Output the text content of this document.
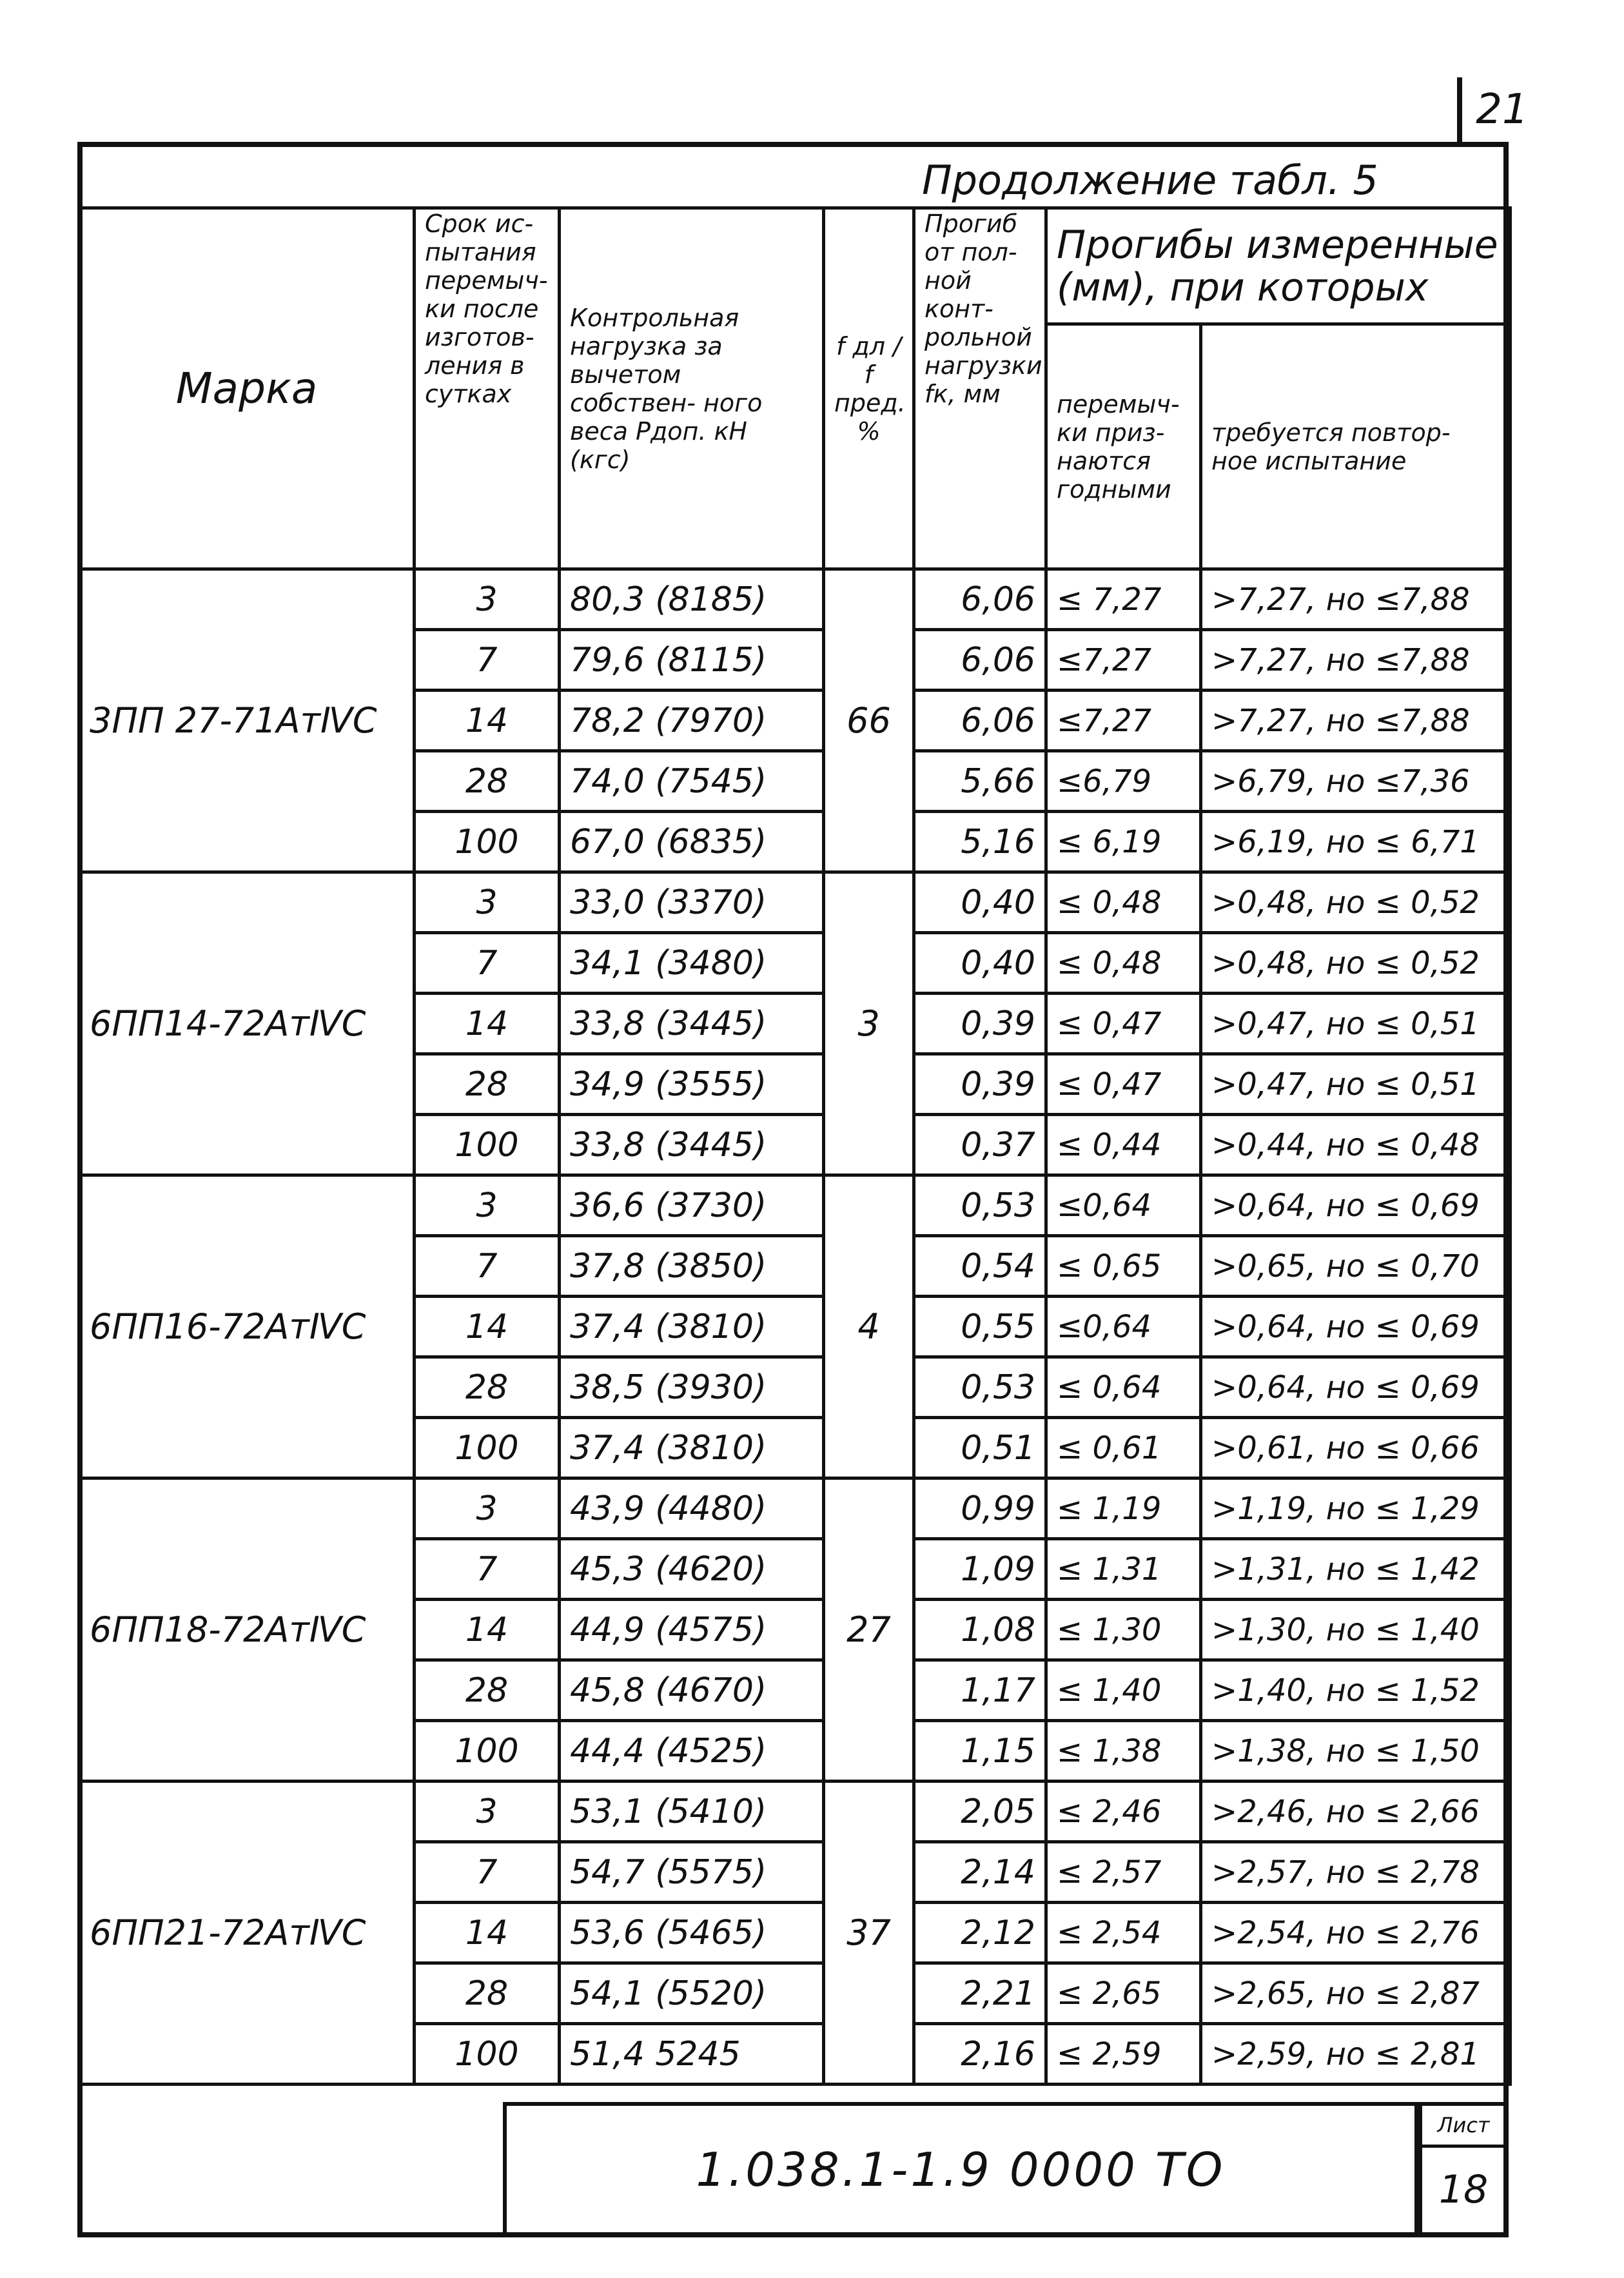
21
Продолжение табл. 5
Марка	Срок ис- пытания перемыч- ки после изготов- ления в сутках	Контрольная нагрузка за вычетом собствен- ного веса Рдоп. кН (кгс)	f дл / f пред. %	Прогиб от пол- ной конт- рольной нагрузки fк, мм	Прогибы измеренные (мм), при которых	
					перемыч- ки приз- наются годными	требуется повтор- ное испытание
3ПП 27-71АтⅣС	3	80,3 (8185)	66	6,06	≤ 7,27	>7,27, но ≤7,88
	7	79,6 (8115)		6,06	≤7,27	>7,27, но ≤7,88
	14	78,2 (7970)		6,06	≤7,27	>7,27, но ≤7,88
	28	74,0 (7545)		5,66	≤6,79	>6,79, но ≤7,36
	100	67,0 (6835)		5,16	≤ 6,19	>6,19, но ≤ 6,71
6ПП14-72АтⅣС	3	33,0 (3370)	3	0,40	≤ 0,48	>0,48, но ≤ 0,52
	7	34,1 (3480)		0,40	≤ 0,48	>0,48, но ≤ 0,52
	14	33,8 (3445)		0,39	≤ 0,47	>0,47, но ≤ 0,51
	28	34,9 (3555)		0,39	≤ 0,47	>0,47, но ≤ 0,51
	100	33,8 (3445)		0,37	≤ 0,44	>0,44, но ≤ 0,48
6ПП16-72АтⅣС	3	36,6 (3730)	4	0,53	≤0,64	>0,64, но ≤ 0,69
	7	37,8 (3850)		0,54	≤ 0,65	>0,65, но ≤ 0,70
	14	37,4 (3810)		0,55	≤0,64	>0,64, но ≤ 0,69
	28	38,5 (3930)		0,53	≤ 0,64	>0,64, но ≤ 0,69
	100	37,4 (3810)		0,51	≤ 0,61	>0,61, но ≤ 0,66
6ПП18-72АтⅣС	3	43,9 (4480)	27	0,99	≤ 1,19	>1,19, но ≤ 1,29
	7	45,3 (4620)		1,09	≤ 1,31	>1,31, но ≤ 1,42
	14	44,9 (4575)		1,08	≤ 1,30	>1,30, но ≤ 1,40
	28	45,8 (4670)		1,17	≤ 1,40	>1,40, но ≤ 1,52
	100	44,4 (4525)		1,15	≤ 1,38	>1,38, но ≤ 1,50
6ПП21-72АтⅣС	3	53,1 (5410)	37	2,05	≤ 2,46	>2,46, но ≤ 2,66
	7	54,7 (5575)		2,14	≤ 2,57	>2,57, но ≤ 2,78
	14	53,6 (5465)		2,12	≤ 2,54	>2,54, но ≤ 2,76
	28	54,1 (5520)		2,21	≤ 2,65	>2,65, но ≤ 2,87
	100	51,4 5245		2,16	≤ 2,59	>2,59, но ≤ 2,81
1.038.1-1.9 0000 ТО
Лист
18
